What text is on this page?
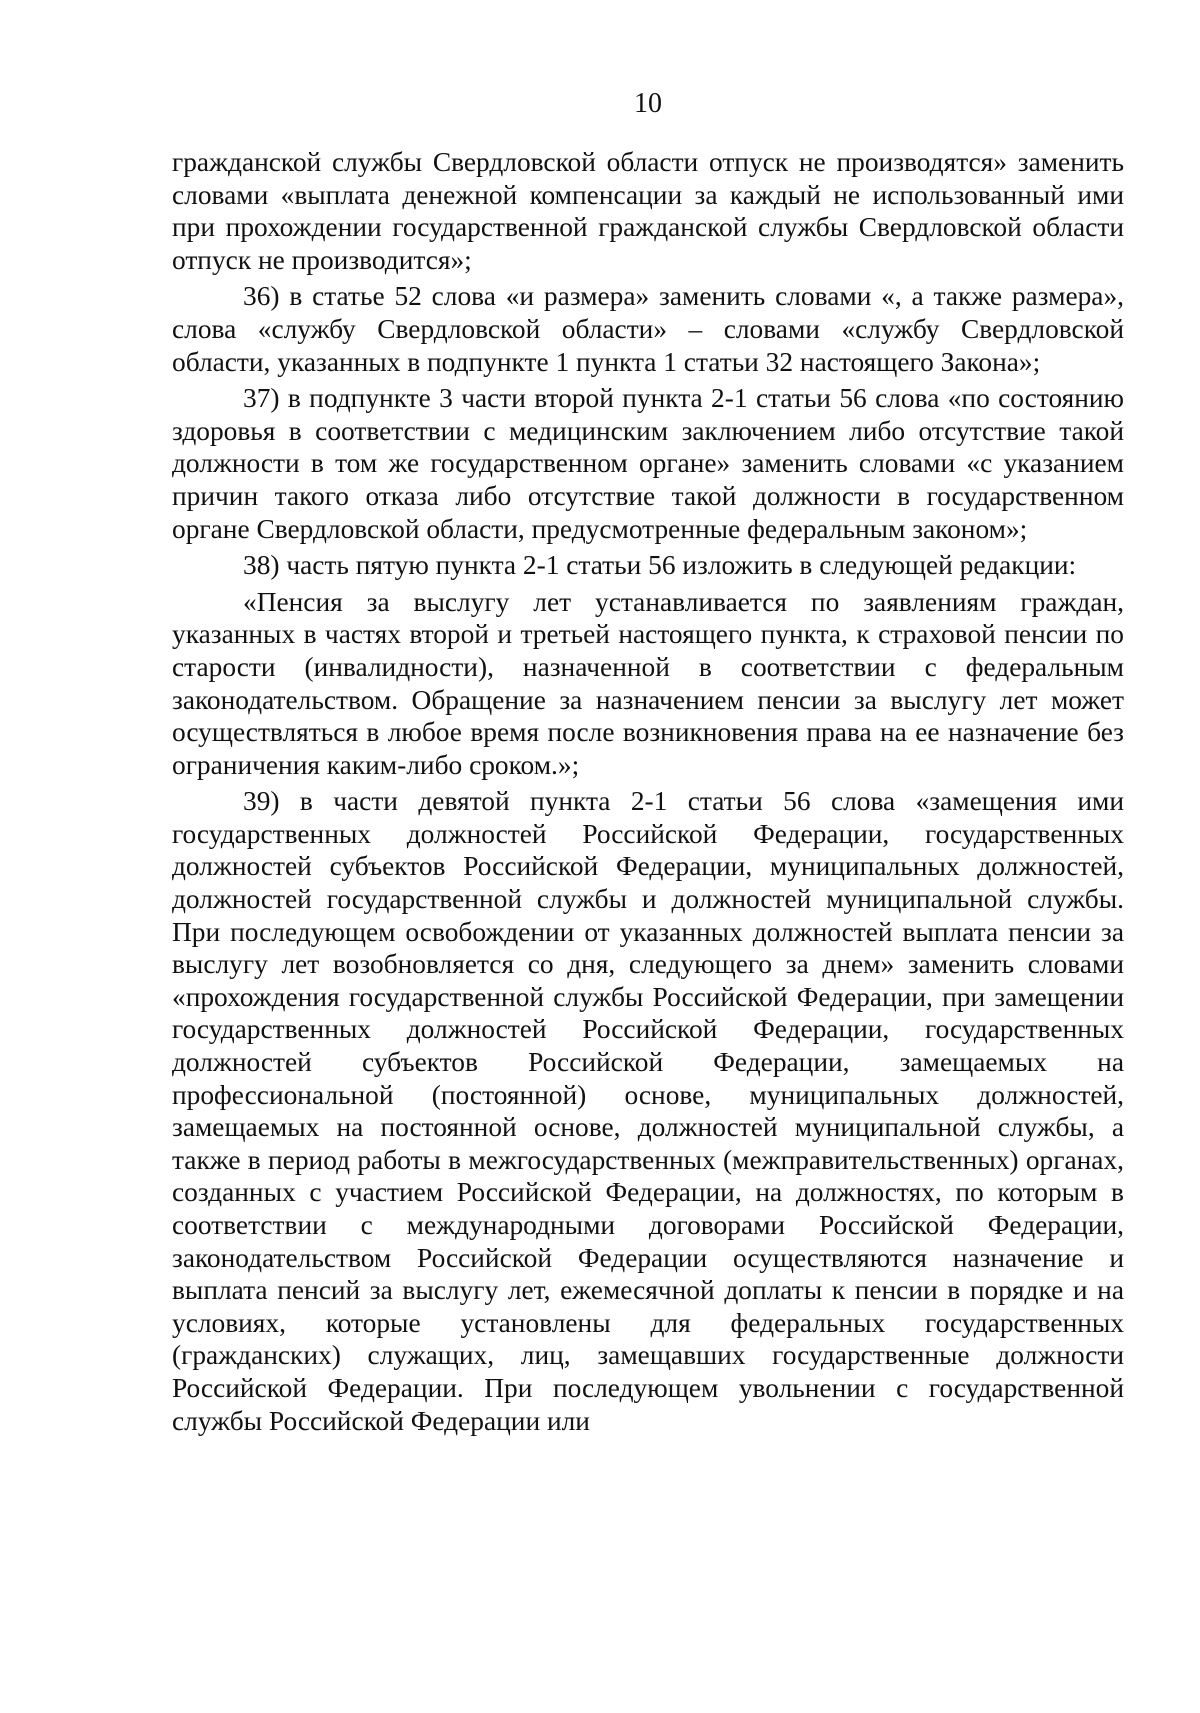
10

гражданской службы Свердловской области отпуск не производятся» заменить словами «выплата денежной компенсации за каждый не использованный ими при прохождении государственной гражданской службы Свердловской области отпуск не производится»;

36) в статье 52 слова «и размера» заменить словами «, а также размера», слова «службу Свердловской области» – словами «службу Свердловской области, указанных в подпункте 1 пункта 1 статьи 32 настоящего Закона»;

37) в подпункте 3 части второй пункта 2-1 статьи 56 слова «по состоянию здоровья в соответствии с медицинским заключением либо отсутствие такой должности в том же государственном органе» заменить словами «с указанием причин такого отказа либо отсутствие такой должности в государственном органе Свердловской области, предусмотренные федеральным законом»;

38) часть пятую пункта 2-1 статьи 56 изложить в следующей редакции:

«Пенсия за выслугу лет устанавливается по заявлениям граждан, указанных в частях второй и третьей настоящего пункта, к страховой пенсии по старости (инвалидности), назначенной в соответствии с федеральным законодательством. Обращение за назначением пенсии за выслугу лет может осуществляться в любое время после возникновения права на ее назначение без ограничения каким-либо сроком.»;

39) в части девятой пункта 2-1 статьи 56 слова «замещения ими государственных должностей Российской Федерации, государственных должностей субъектов Российской Федерации, муниципальных должностей, должностей государственной службы и должностей муниципальной службы. При последующем освобождении от указанных должностей выплата пенсии за выслугу лет возобновляется со дня, следующего за днем» заменить словами «прохождения государственной службы Российской Федерации, при замещении государственных должностей Российской Федерации, государственных должностей субъектов Российской Федерации, замещаемых на профессиональной (постоянной) основе, муниципальных должностей, замещаемых на постоянной основе, должностей муниципальной службы, а также в период работы в межгосударственных (межправительственных) органах, созданных с участием Российской Федерации, на должностях, по которым в соответствии с международными договорами Российской Федерации, законодательством Российской Федерации осуществляются назначение и выплата пенсий за выслугу лет, ежемесячной доплаты к пенсии в порядке и на условиях, которые установлены для федеральных государственных (гражданских) служащих, лиц, замещавших государственные должности Российской Федерации. При последующем увольнении с государственной службы Российской Федерации или
